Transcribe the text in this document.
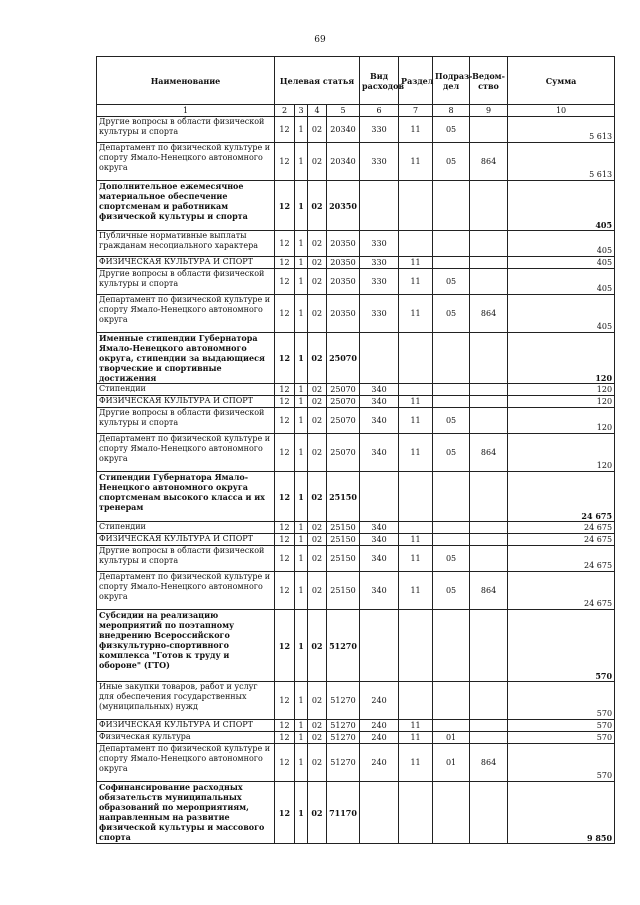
69
Наименование	Целевая статья				Вид расходов	Раздел	Подраз-дел	Ведом-ство	Сумма
1	2	3	4	5	6	7	8	9	10
Другие вопросы в области физической культуры и спорта	12	1	02	20340	330	11	05		5 613
Департамент по физической культуре и спорту Ямало-Ненецкого автономного округа	12	1	02	20340	330	11	05	864	5 613
Дополнительное ежемесячное материальное обеспечение спортсменам и работникам физической культуры и спорта	12	1	02	20350					405
Публичные нормативные выплаты гражданам несоциального характера	12	1	02	20350	330				405
ФИЗИЧЕСКАЯ КУЛЬТУРА И СПОРТ	12	1	02	20350	330	11			405
Другие вопросы в области физической культуры и спорта	12	1	02	20350	330	11	05		405
Департамент по физической культуре и спорту Ямало-Ненецкого автономного округа	12	1	02	20350	330	11	05	864	405
Именные стипендии Губернатора Ямало-Ненецкого автономного округа, стипендии за выдающиеся творческие и спортивные достижения	12	1	02	25070					120
Стипендии	12	1	02	25070	340				120
ФИЗИЧЕСКАЯ КУЛЬТУРА И СПОРТ	12	1	02	25070	340	11			120
Другие вопросы в области физической культуры и спорта	12	1	02	25070	340	11	05		120
Департамент по физической культуре и спорту Ямало-Ненецкого автономного округа	12	1	02	25070	340	11	05	864	120
Стипендии Губернатора Ямало-Ненецкого автономного округа спортсменам высокого класса и их тренерам	12	1	02	25150					24 675
Стипендии	12	1	02	25150	340				24 675
ФИЗИЧЕСКАЯ КУЛЬТУРА И СПОРТ	12	1	02	25150	340	11			24 675
Другие вопросы в области физической культуры и спорта	12	1	02	25150	340	11	05		24 675
Департамент по физической культуре и спорту Ямало-Ненецкого автономного округа	12	1	02	25150	340	11	05	864	24 675
Субсидии на реализацию мероприятий по поэтапному внедрению Всероссийского физкультурно-спортивного комплекса "Готов к труду и обороне" (ГТО)	12	1	02	51270					570
Иные закупки товаров, работ и услуг для обеспечения государственных (муниципальных) нужд	12	1	02	51270	240				570
ФИЗИЧЕСКАЯ КУЛЬТУРА И СПОРТ	12	1	02	51270	240	11			570
Физическая культура	12	1	02	51270	240	11	01		570
Департамент по физической культуре и спорту Ямало-Ненецкого автономного округа	12	1	02	51270	240	11	01	864	570
Софинансирование расходных обязательств муниципальных образований по мероприятиям, направленным на развитие физической культуры и массового спорта	12	1	02	71170					9 850
